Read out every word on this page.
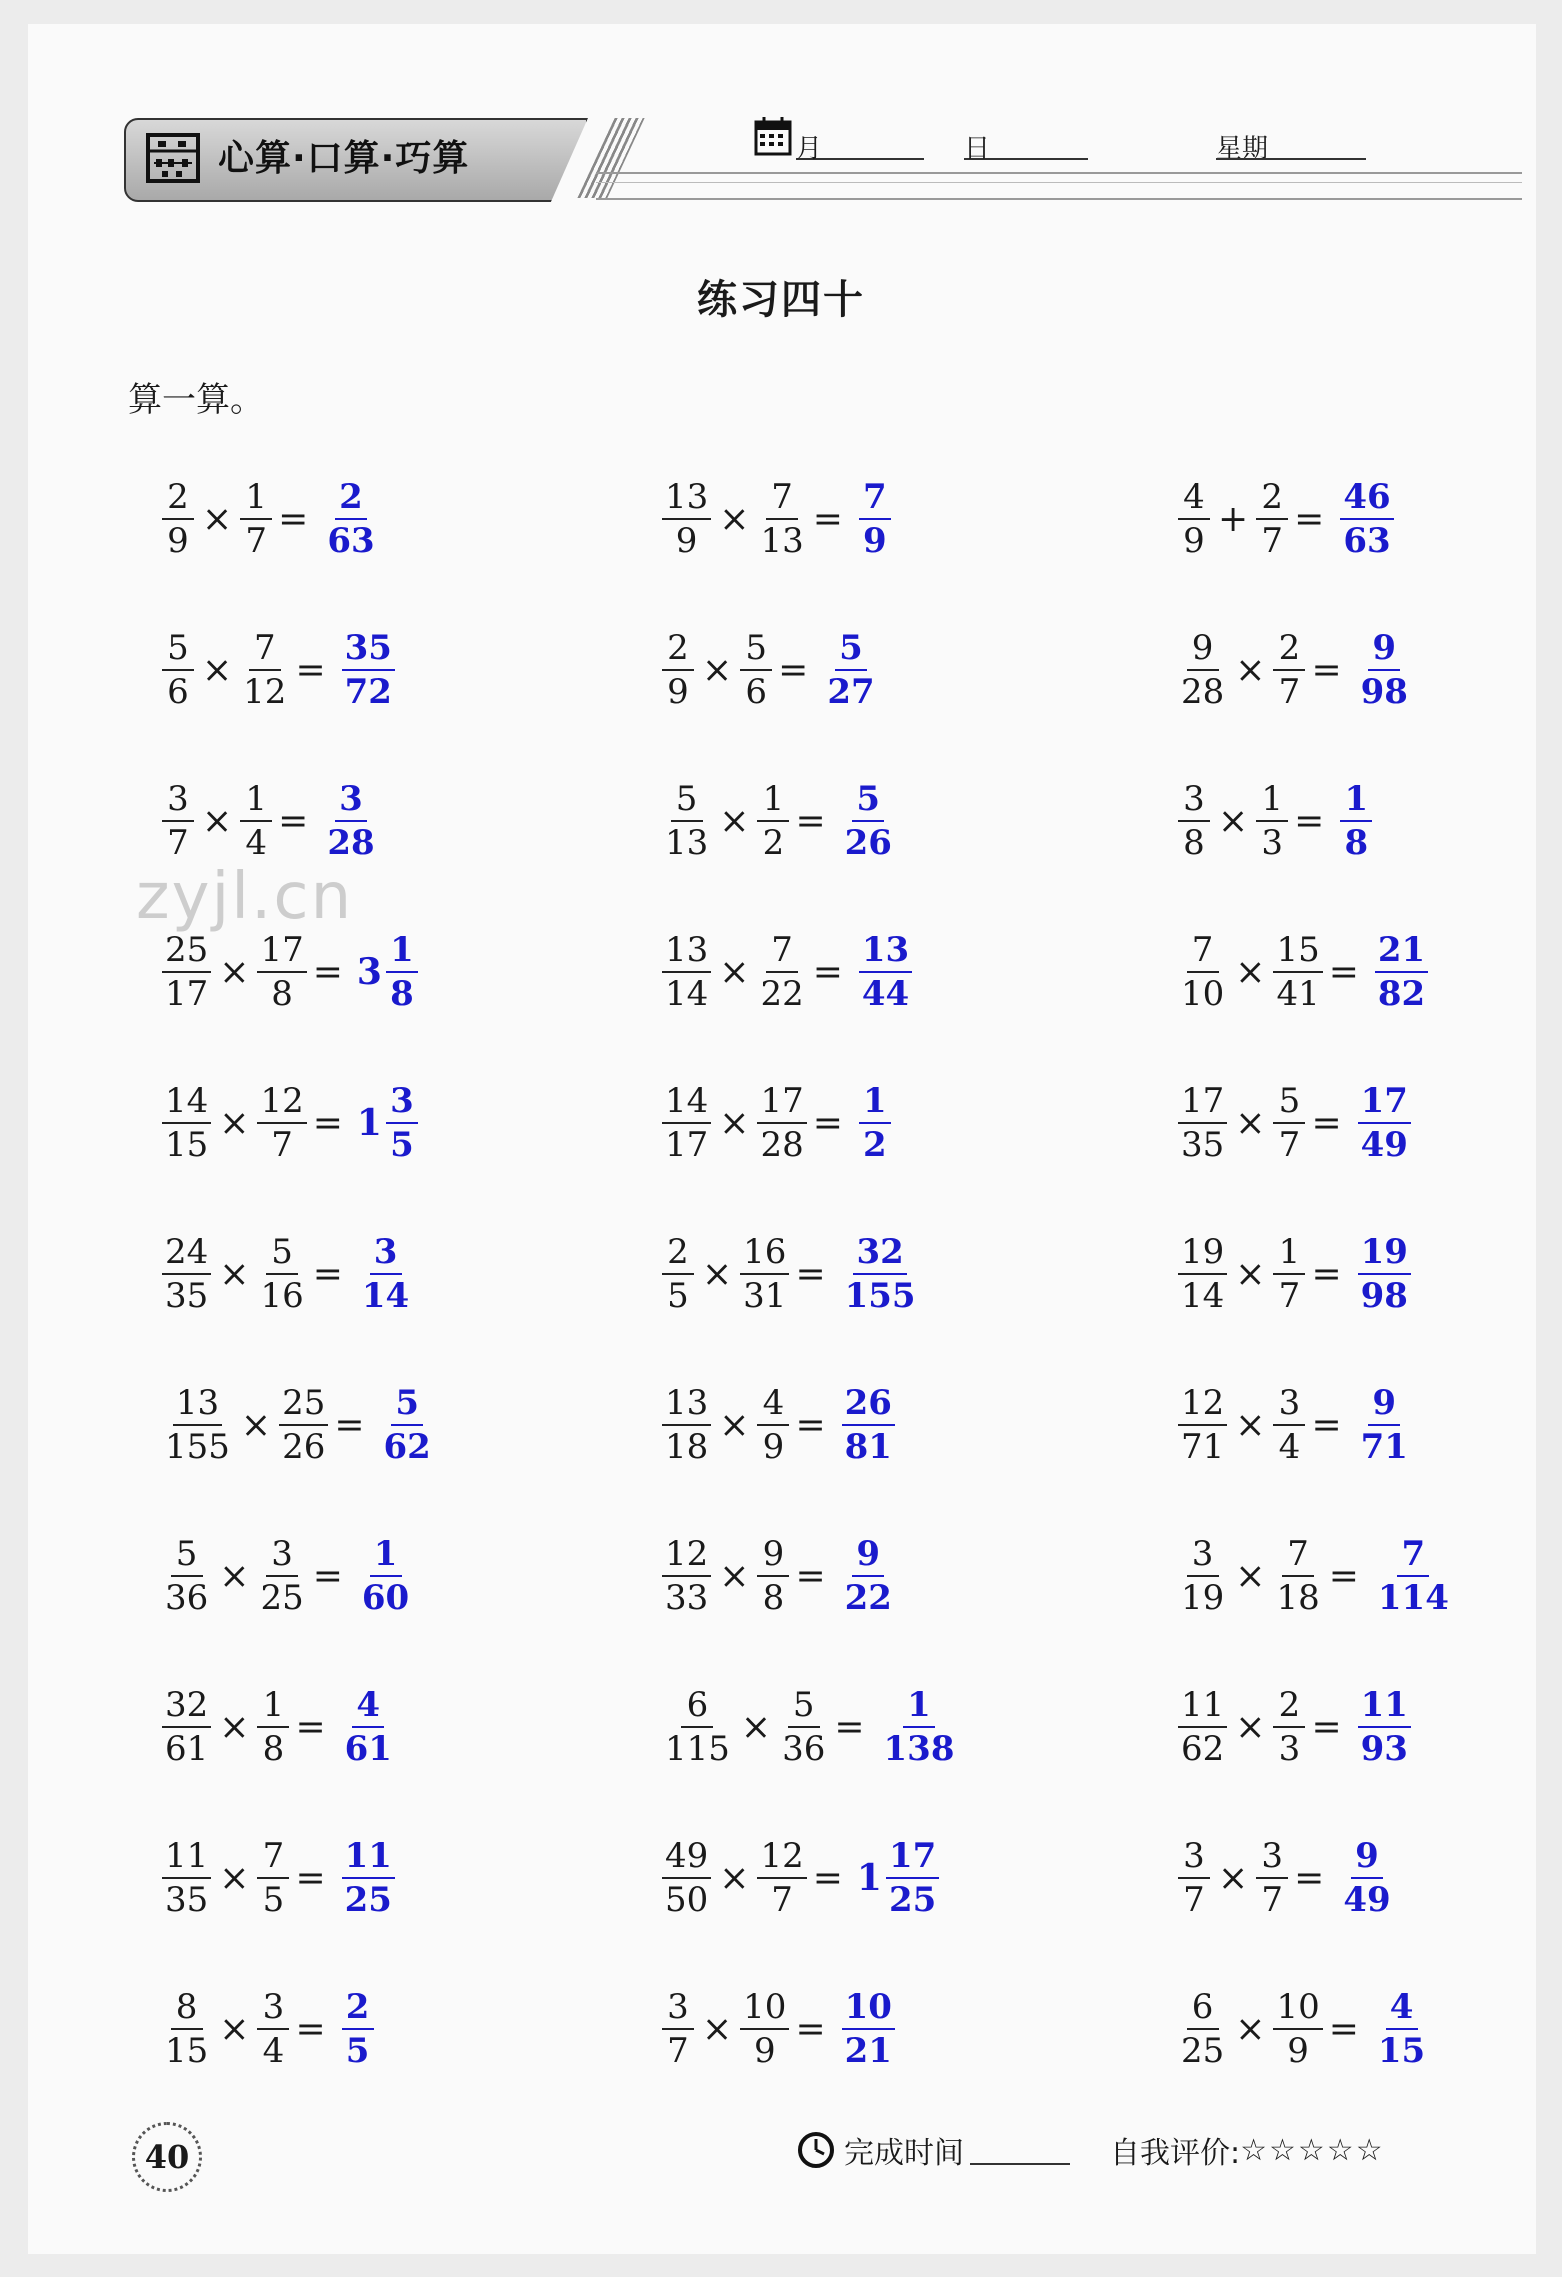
心算·口算·巧算	月	日	星期
练习四十
算一算。
zyjl.cn
$\frac{2}{9} \times \frac{1}{7} = \frac{2}{63}$	$\frac{13}{9} \times \frac{7}{13} = \frac{7}{9}$	$\frac{4}{9} + \frac{2}{7} = \frac{46}{63}$
$\frac{5}{6} \times \frac{7}{12} = \frac{35}{72}$	$\frac{2}{9} \times \frac{5}{6} = \frac{5}{27}$	$\frac{9}{28} \times \frac{2}{7} = \frac{9}{98}$
$\frac{3}{7} \times \frac{1}{4} = \frac{3}{28}$	$\frac{5}{13} \times \frac{1}{2} = \frac{5}{26}$	$\frac{3}{8} \times \frac{1}{3} = \frac{1}{8}$
$\frac{25}{17} \times \frac{17}{8} = 3 \frac{1}{8}$	$\frac{13}{14} \times \frac{7}{22} = \frac{13}{44}$	$\frac{7}{10} \times \frac{15}{41} = \frac{21}{82}$
$\frac{14}{15} \times \frac{12}{7} = 1 \frac{3}{5}$	$\frac{14}{17} \times \frac{17}{28} = \frac{1}{2}$	$\frac{17}{35} \times \frac{5}{7} = \frac{17}{49}$
$\frac{24}{35} \times \frac{5}{16} = \frac{3}{14}$	$\frac{2}{5} \times \frac{16}{31} = \frac{32}{155}$	$\frac{19}{14} \times \frac{1}{7} = \frac{19}{98}$
$\frac{13}{155} \times \frac{25}{26} = \frac{5}{62}$	$\frac{13}{18} \times \frac{4}{9} = \frac{26}{81}$	$\frac{12}{71} \times \frac{3}{4} = \frac{9}{71}$
$\frac{5}{36} \times \frac{3}{25} = \frac{1}{60}$	$\frac{12}{33} \times \frac{9}{8} = \frac{9}{22}$	$\frac{3}{19} \times \frac{7}{18} = \frac{7}{114}$
$\frac{32}{61} \times \frac{1}{8} = \frac{4}{61}$	$\frac{6}{115} \times \frac{5}{36} = \frac{1}{138}$	$\frac{11}{62} \times \frac{2}{3} = \frac{11}{93}$
$\frac{11}{35} \times \frac{7}{5} = \frac{11}{25}$	$\frac{49}{50} \times \frac{12}{7} = 1 \frac{17}{25}$	$\frac{3}{7} \times \frac{3}{7} = \frac{9}{49}$
$\frac{8}{15} \times \frac{3}{4} = \frac{2}{5}$	$\frac{3}{7} \times \frac{10}{9} = \frac{10}{21}$	$\frac{6}{25} \times \frac{10}{9} = \frac{4}{15}$
40	完成时间	自我评价: ☆☆☆☆☆
